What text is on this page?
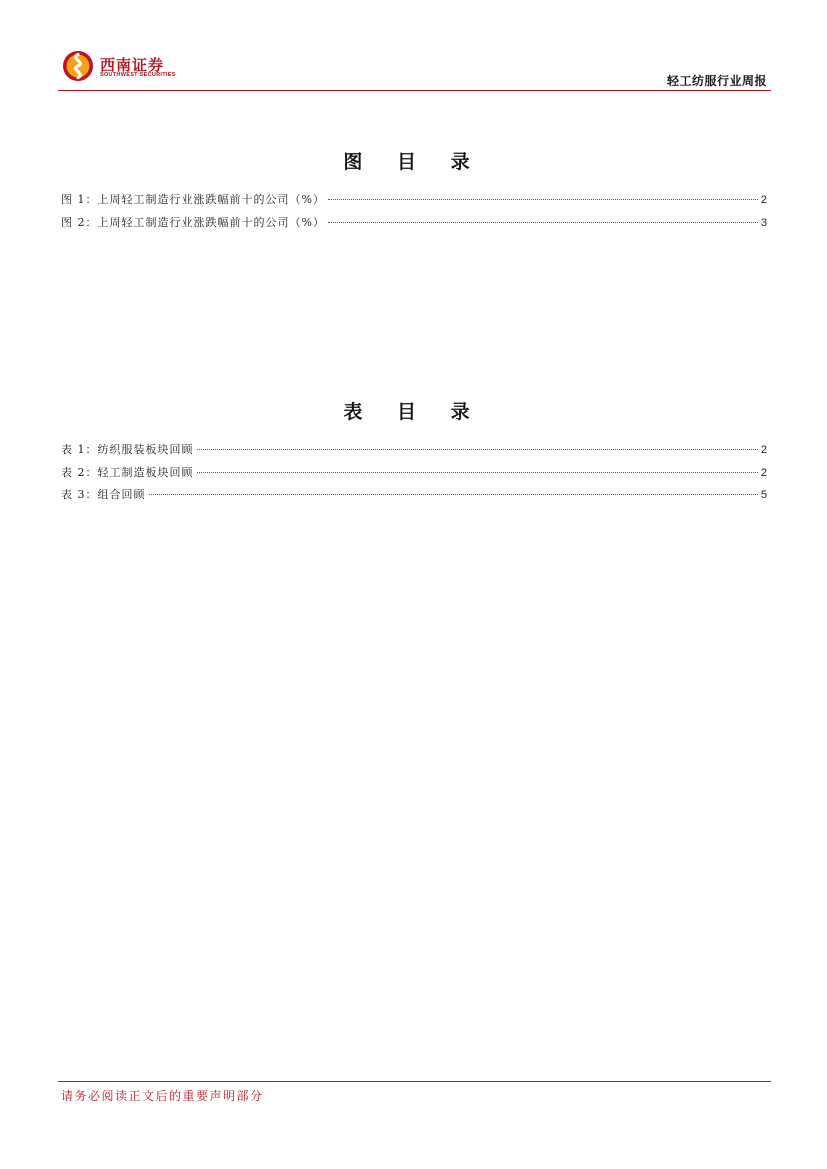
西南证券
SOUTHWEST SECURITIES	轻工纺服行业周报
图 目 录
图 1：上周轻工制造行业涨跌幅前十的公司（%）	2
图 2：上周轻工制造行业涨跌幅前十的公司（%）	3
表 目 录
表 1：纺织服装板块回顾	2
表 2：轻工制造板块回顾	2
表 3：组合回顾	5
请务必阅读正文后的重要声明部分
